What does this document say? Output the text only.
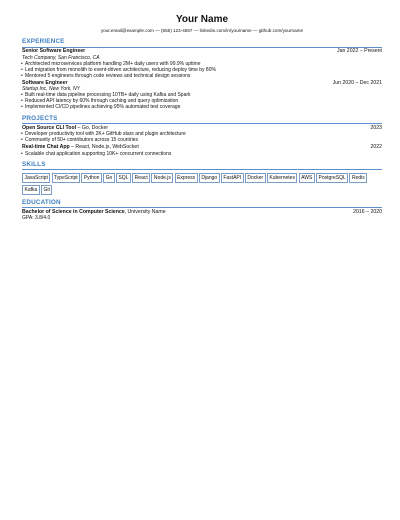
Your Name
your.email@example.com — (555) 123-4567 — linkedin.com/in/yourname — github.com/yourname
EXPERIENCE
Senior Software Engineer	Jan 2022 – Present
Tech Company, San Francisco, CA
• Architected microservices platform handling 2M+ daily users with 99.9% uptime
• Led migration from monolith to event-driven architecture, reducing deploy time by 80%
• Mentored 5 engineers through code reviews and technical design sessions
Software Engineer	Jun 2020 – Dec 2021
Startup Inc, New York, NY
• Built real-time data pipeline processing 10TB+ daily using Kafka and Spark
• Reduced API latency by 60% through caching and query optimization
• Implemented CI/CD pipelines achieving 95% automated test coverage
PROJECTS
Open Source CLI Tool – Go, Docker	2023
• Developer productivity tool with 2K+ GitHub stars and plugin architecture
• Community of 50+ contributors across 15 countries
Real-time Chat App – React, Node.js, WebSocket	2022
• Scalable chat application supporting 10K+ concurrent connections
SKILLS
JavaScript	TypeScript	Python	Go	SQL	React	Node.js	Express	Django	FastAPI	Docker	Kubernetes	AWS	PostgreSQL	Redis
Kafka	Git
EDUCATION
Bachelor of Science in Computer Science, University Name	2016 – 2020
GPA: 3.8/4.0
